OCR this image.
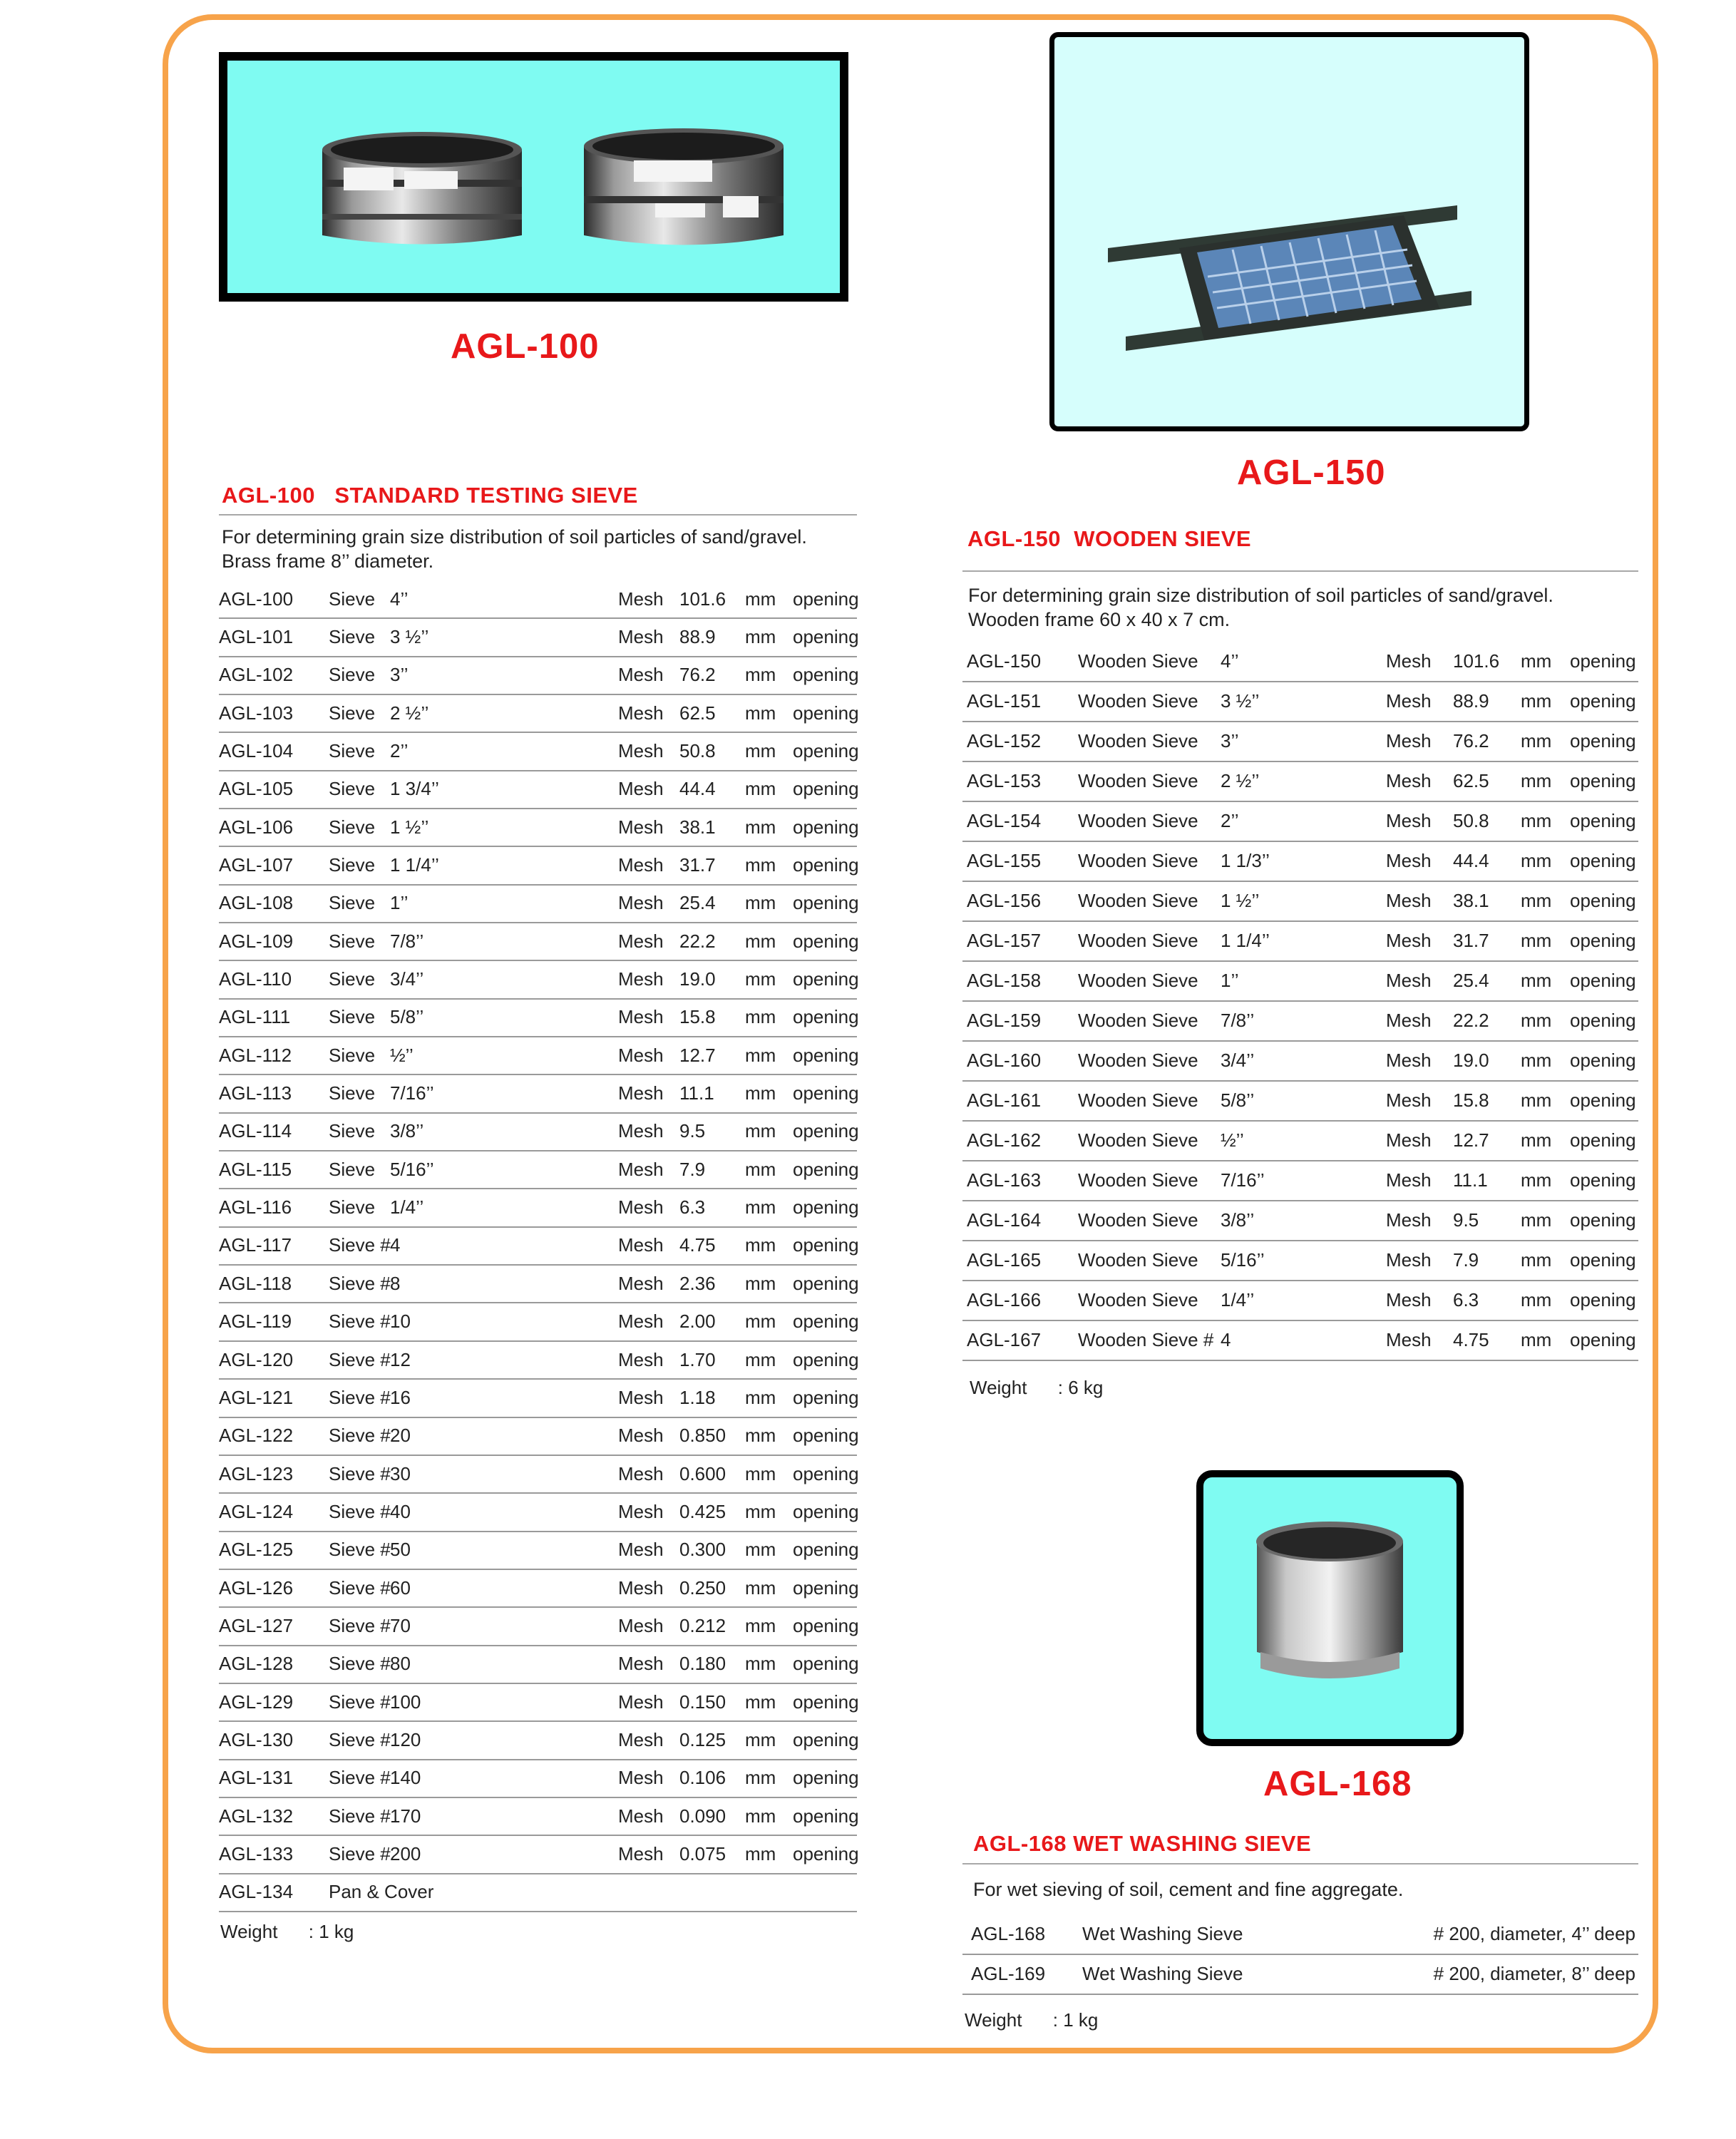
AGL-100
AGL-150
AGL-168
AGL-100 STANDARD TESTING SIEVE
For determining grain size distribution of soil particles of sand/gravel.
Brass frame 8’’ diameter.
AGL-100 Sieve 4’’	Mesh 101.6 mm opening
AGL-101 Sieve 3 ½’’	Mesh 88.9 mm opening
AGL-102 Sieve 3’’	Mesh 76.2 mm opening
AGL-103 Sieve 2 ½’’	Mesh 62.5 mm opening
AGL-104 Sieve 2’’	Mesh 50.8 mm opening
AGL-105 Sieve 1 3/4’’	Mesh 44.4 mm opening
AGL-106 Sieve 1 ½’’	Mesh 38.1 mm opening
AGL-107 Sieve 1 1/4’’	Mesh 31.7 mm opening
AGL-108 Sieve 1’’	Mesh 25.4 mm opening
AGL-109 Sieve 7/8’’	Mesh 22.2 mm opening
AGL-110 Sieve 3/4’’	Mesh 19.0 mm opening
AGL-111 Sieve 5/8’’	Mesh 15.8 mm opening
AGL-112 Sieve ½’’	Mesh 12.7 mm opening
AGL-113 Sieve 7/16’’	Mesh 11.1 mm opening
AGL-114 Sieve 3/8’’	Mesh 9.5 mm opening
AGL-115 Sieve 5/16’’	Mesh 7.9 mm opening
AGL-116 Sieve 1/4’’	Mesh 6.3 mm opening
AGL-117 Sieve # 4	Mesh 4.75 mm opening
AGL-118 Sieve # 8	Mesh 2.36 mm opening
AGL-119 Sieve # 10	Mesh 2.00 mm opening
AGL-120 Sieve # 12	Mesh 1.70 mm opening
AGL-121 Sieve # 16	Mesh 1.18 mm opening
AGL-122 Sieve # 20	Mesh 0.850 mm opening
AGL-123 Sieve # 30	Mesh 0.600 mm opening
AGL-124 Sieve # 40	Mesh 0.425 mm opening
AGL-125 Sieve # 50	Mesh 0.300 mm opening
AGL-126 Sieve # 60	Mesh 0.250 mm opening
AGL-127 Sieve # 70	Mesh 0.212 mm opening
AGL-128 Sieve # 80	Mesh 0.180 mm opening
AGL-129 Sieve # 100	Mesh 0.150 mm opening
AGL-130 Sieve # 120	Mesh 0.125 mm opening
AGL-131 Sieve # 140	Mesh 0.106 mm opening
AGL-132 Sieve # 170	Mesh 0.090 mm opening
AGL-133 Sieve # 200	Mesh 0.075 mm opening
AGL-134 Pan & Cover
Weight : 1 kg
AGL-150 WOODEN SIEVE
For determining grain size distribution of soil particles of sand/gravel.
Wooden frame 60 x 40 x 7 cm.
AGL-150 Wooden Sieve 4’’	Mesh 101.6 mm opening
AGL-151 Wooden Sieve 3 ½’’	Mesh 88.9 mm opening
AGL-152 Wooden Sieve 3’’	Mesh 76.2 mm opening
AGL-153 Wooden Sieve 2 ½’’	Mesh 62.5 mm opening
AGL-154 Wooden Sieve 2’’	Mesh 50.8 mm opening
AGL-155 Wooden Sieve 1 1/3’’	Mesh 44.4 mm opening
AGL-156 Wooden Sieve 1 ½’’	Mesh 38.1 mm opening
AGL-157 Wooden Sieve 1 1/4’’	Mesh 31.7 mm opening
AGL-158 Wooden Sieve 1’’	Mesh 25.4 mm opening
AGL-159 Wooden Sieve 7/8’’	Mesh 22.2 mm opening
AGL-160 Wooden Sieve 3/4’’	Mesh 19.0 mm opening
AGL-161 Wooden Sieve 5/8’’	Mesh 15.8 mm opening
AGL-162 Wooden Sieve ½’’	Mesh 12.7 mm opening
AGL-163 Wooden Sieve 7/16’’	Mesh 11.1 mm opening
AGL-164 Wooden Sieve 3/8’’	Mesh 9.5 mm opening
AGL-165 Wooden Sieve 5/16’’	Mesh 7.9 mm opening
AGL-166 Wooden Sieve 1/4’’	Mesh 6.3 mm opening
AGL-167 Wooden Sieve # 4	Mesh 4.75 mm opening
Weight : 6 kg
AGL-168 WET WASHING SIEVE
For wet sieving of soil, cement and fine aggregate.
AGL-168 Wet Washing Sieve	# 200, diameter, 4’’ deep
AGL-169 Wet Washing Sieve	# 200, diameter, 8’’ deep
Weight : 1 kg
